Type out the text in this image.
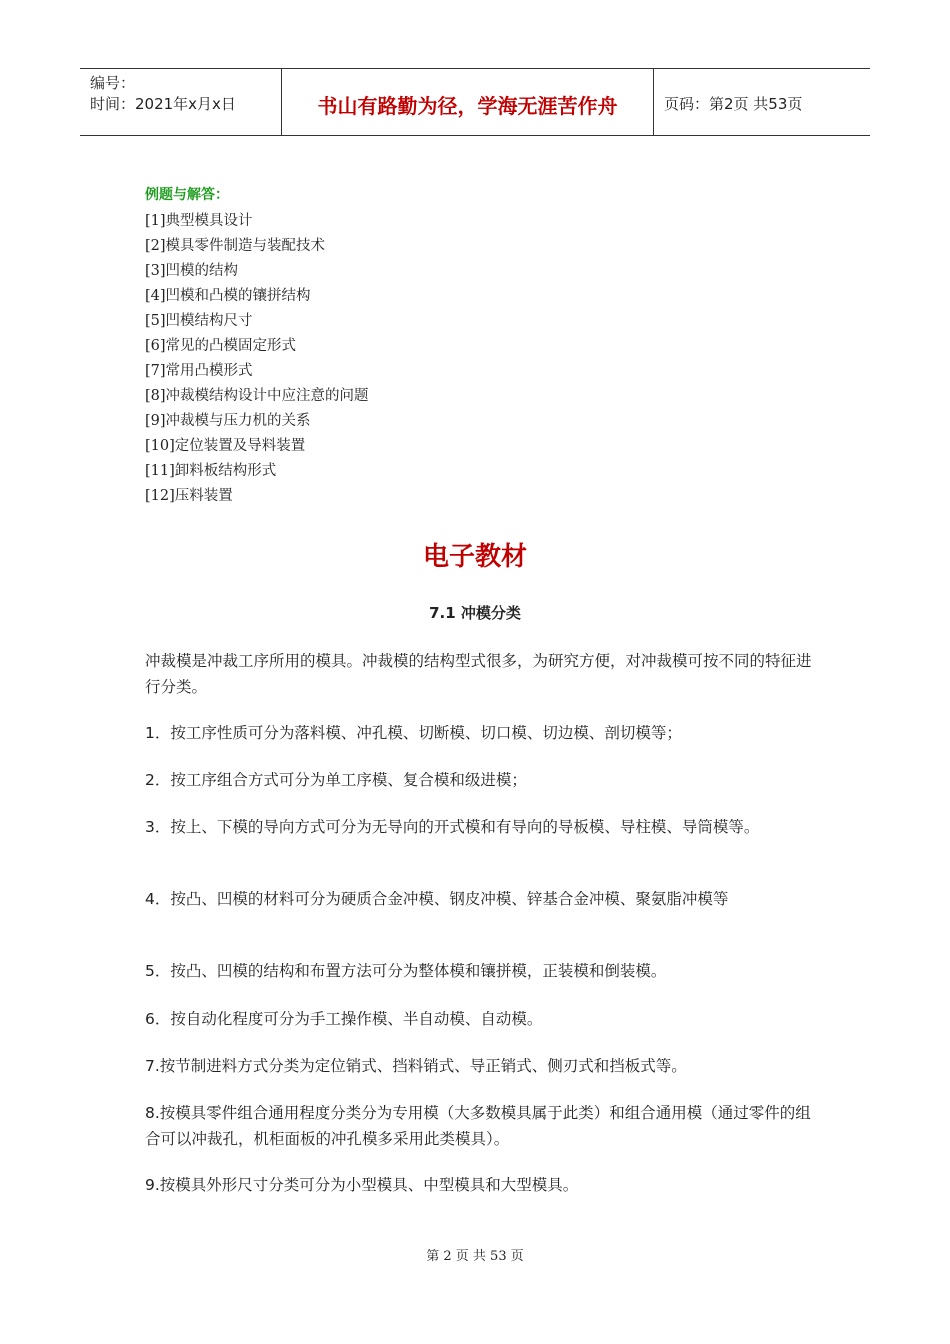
编号：
时间：2021年x月x日	书山有路勤为径，学海无涯苦作舟	页码：第2页 共53页
例题与解答：
[1]典型模具设计
[2]模具零件制造与装配技术
[3]凹模的结构
[4]凹模和凸模的镶拼结构
[5]凹模结构尺寸
[6]常见的凸模固定形式
[7]常用凸模形式
[8]冲裁模结构设计中应注意的问题
[9]冲裁模与压力机的关系
[10]定位装置及导料装置
[11]卸料板结构形式
[12]压料装置
电子教材
7.1 冲模分类
冲裁模是冲裁工序所用的模具。冲裁模的结构型式很多，为研究方便，对冲裁模可按不同的特征进行分类。
1．按工序性质可分为落料模、冲孔模、切断模、切口模、切边模、剖切模等；
2．按工序组合方式可分为单工序模、复合模和级进模；
3．按上、下模的导向方式可分为无导向的开式模和有导向的导板模、导柱模、导筒模等。
4．按凸、凹模的材料可分为硬质合金冲模、钢皮冲模、锌基合金冲模、聚氨脂冲模等
5．按凸、凹模的结构和布置方法可分为整体模和镶拼模，正装模和倒装模。
6．按自动化程度可分为手工操作模、半自动模、自动模。
7.按节制进料方式分类为定位销式、挡料销式、导正销式、侧刃式和挡板式等。
8.按模具零件组合通用程度分类分为专用模（大多数模具属于此类）和组合通用模（通过零件的组合可以冲裁孔，机柜面板的冲孔模多采用此类模具）。
9.按模具外形尺寸分类可分为小型模具、中型模具和大型模具。
第 2 页 共 53 页
